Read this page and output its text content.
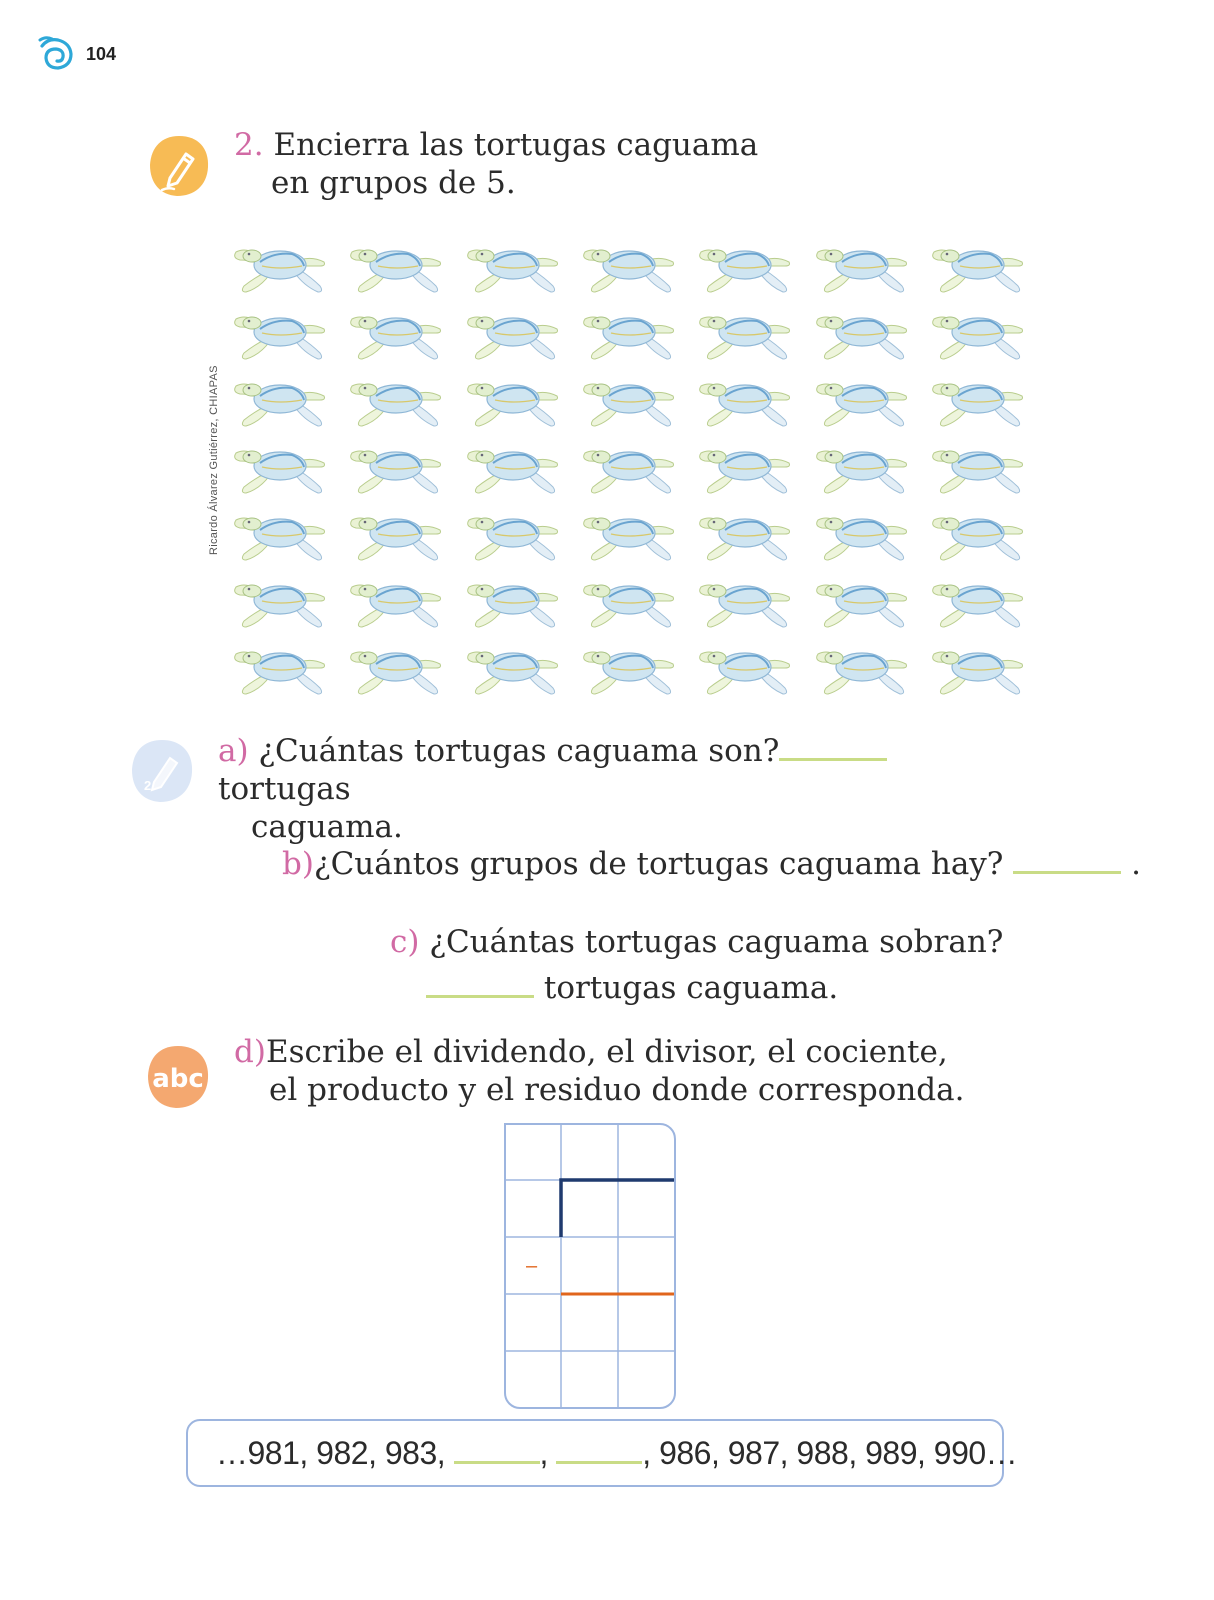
104
2. Encierra las tortugas caguama
en grupos de 5.
Ricardo Álvarez Gutiérrez, CHIAPAS
2
a) ¿Cuántas tortugas caguama son? tortugas
caguama.
b)¿Cuántos grupos de tortugas caguama hay?	.
c) ¿Cuántas tortugas caguama sobran?
tortugas caguama.
abc
d)Escribe el dividendo, el divisor, el cociente,
el producto y el residuo donde corresponda.
–
…981, 982, 983,	,	, 986, 987, 988, 989, 990…
